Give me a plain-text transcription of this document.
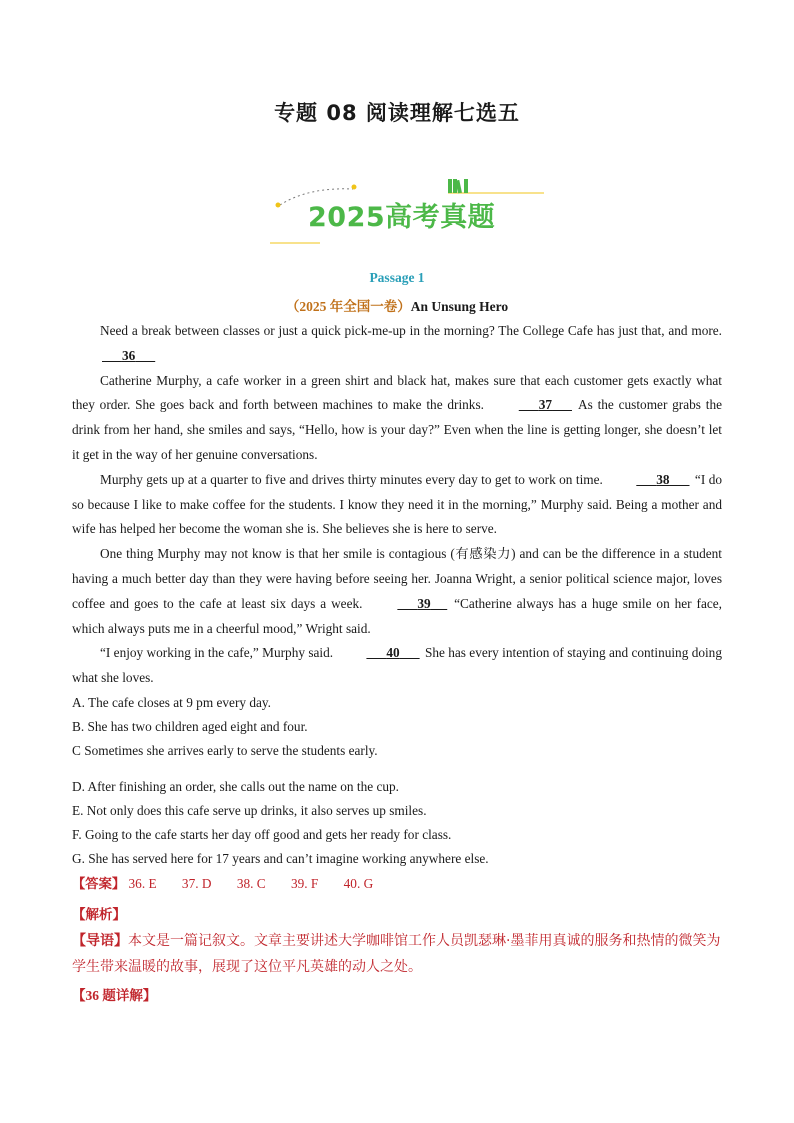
专题 08 阅读理解七选五
2025高考真题
Passage 1
（2025 年全国一卷）An Unsung Hero

Need a break between classes or just a quick pick-me-up in the morning? The College Cafe has just that, and more.       36

Catherine Murphy, a cafe worker in a green shirt and black hat, makes sure that each customer gets exactly what they order. She goes back and forth between machines to make the drinks.	37       As the customer grabs the drink from her hand, she smiles and says, “Hello, how is your day?” Even when the line is getting longer, she doesn’t let it get in the way of her genuine conversations.

Murphy gets up at a quarter to five and drives thirty minutes every day to get to work on time.	38       “I do so because I like to make coffee for the students. I know they need it in the morning,” Murphy said. Being a mother and wife has helped her become the woman she is. She believes she is here to serve.

One thing Murphy may not know is that her smile is contagious (有感染力) and can be the difference in a student having a much better day than they were having before seeing her. Joanna Wright, a senior political science major, loves coffee and goes to the cafe at least six days a week.	39      “Catherine always has a huge smile on her face, which always puts me in a cheerful mood,” Wright said.

“I enjoy working in the cafe,” Murphy said.	40       She has every intention of staying and continuing doing what she loves.

A. The cafe closes at 9 pm every day.
B. She has two children aged eight and four.
C Sometimes she arrives early to serve the students early.
D. After finishing an order, she calls out the name on the cup.
E. Not only does this cafe serve up drinks, it also serves up smiles.
F. Going to the cafe starts her day off good and gets her ready for class.
G. She has served here for 17 years and can’t imagine working anywhere else.
【答案】 36. E 37. D 38. C 39. F 40. G
【解析】
【导语】本文是一篇记叙文。文章主要讲述大学咖啡馆工作人员凯瑟琳·墨菲用真诚的服务和热情的微笑为学生带来温暖的故事，展现了这位平凡英雄的动人之处。
【36 题详解】
